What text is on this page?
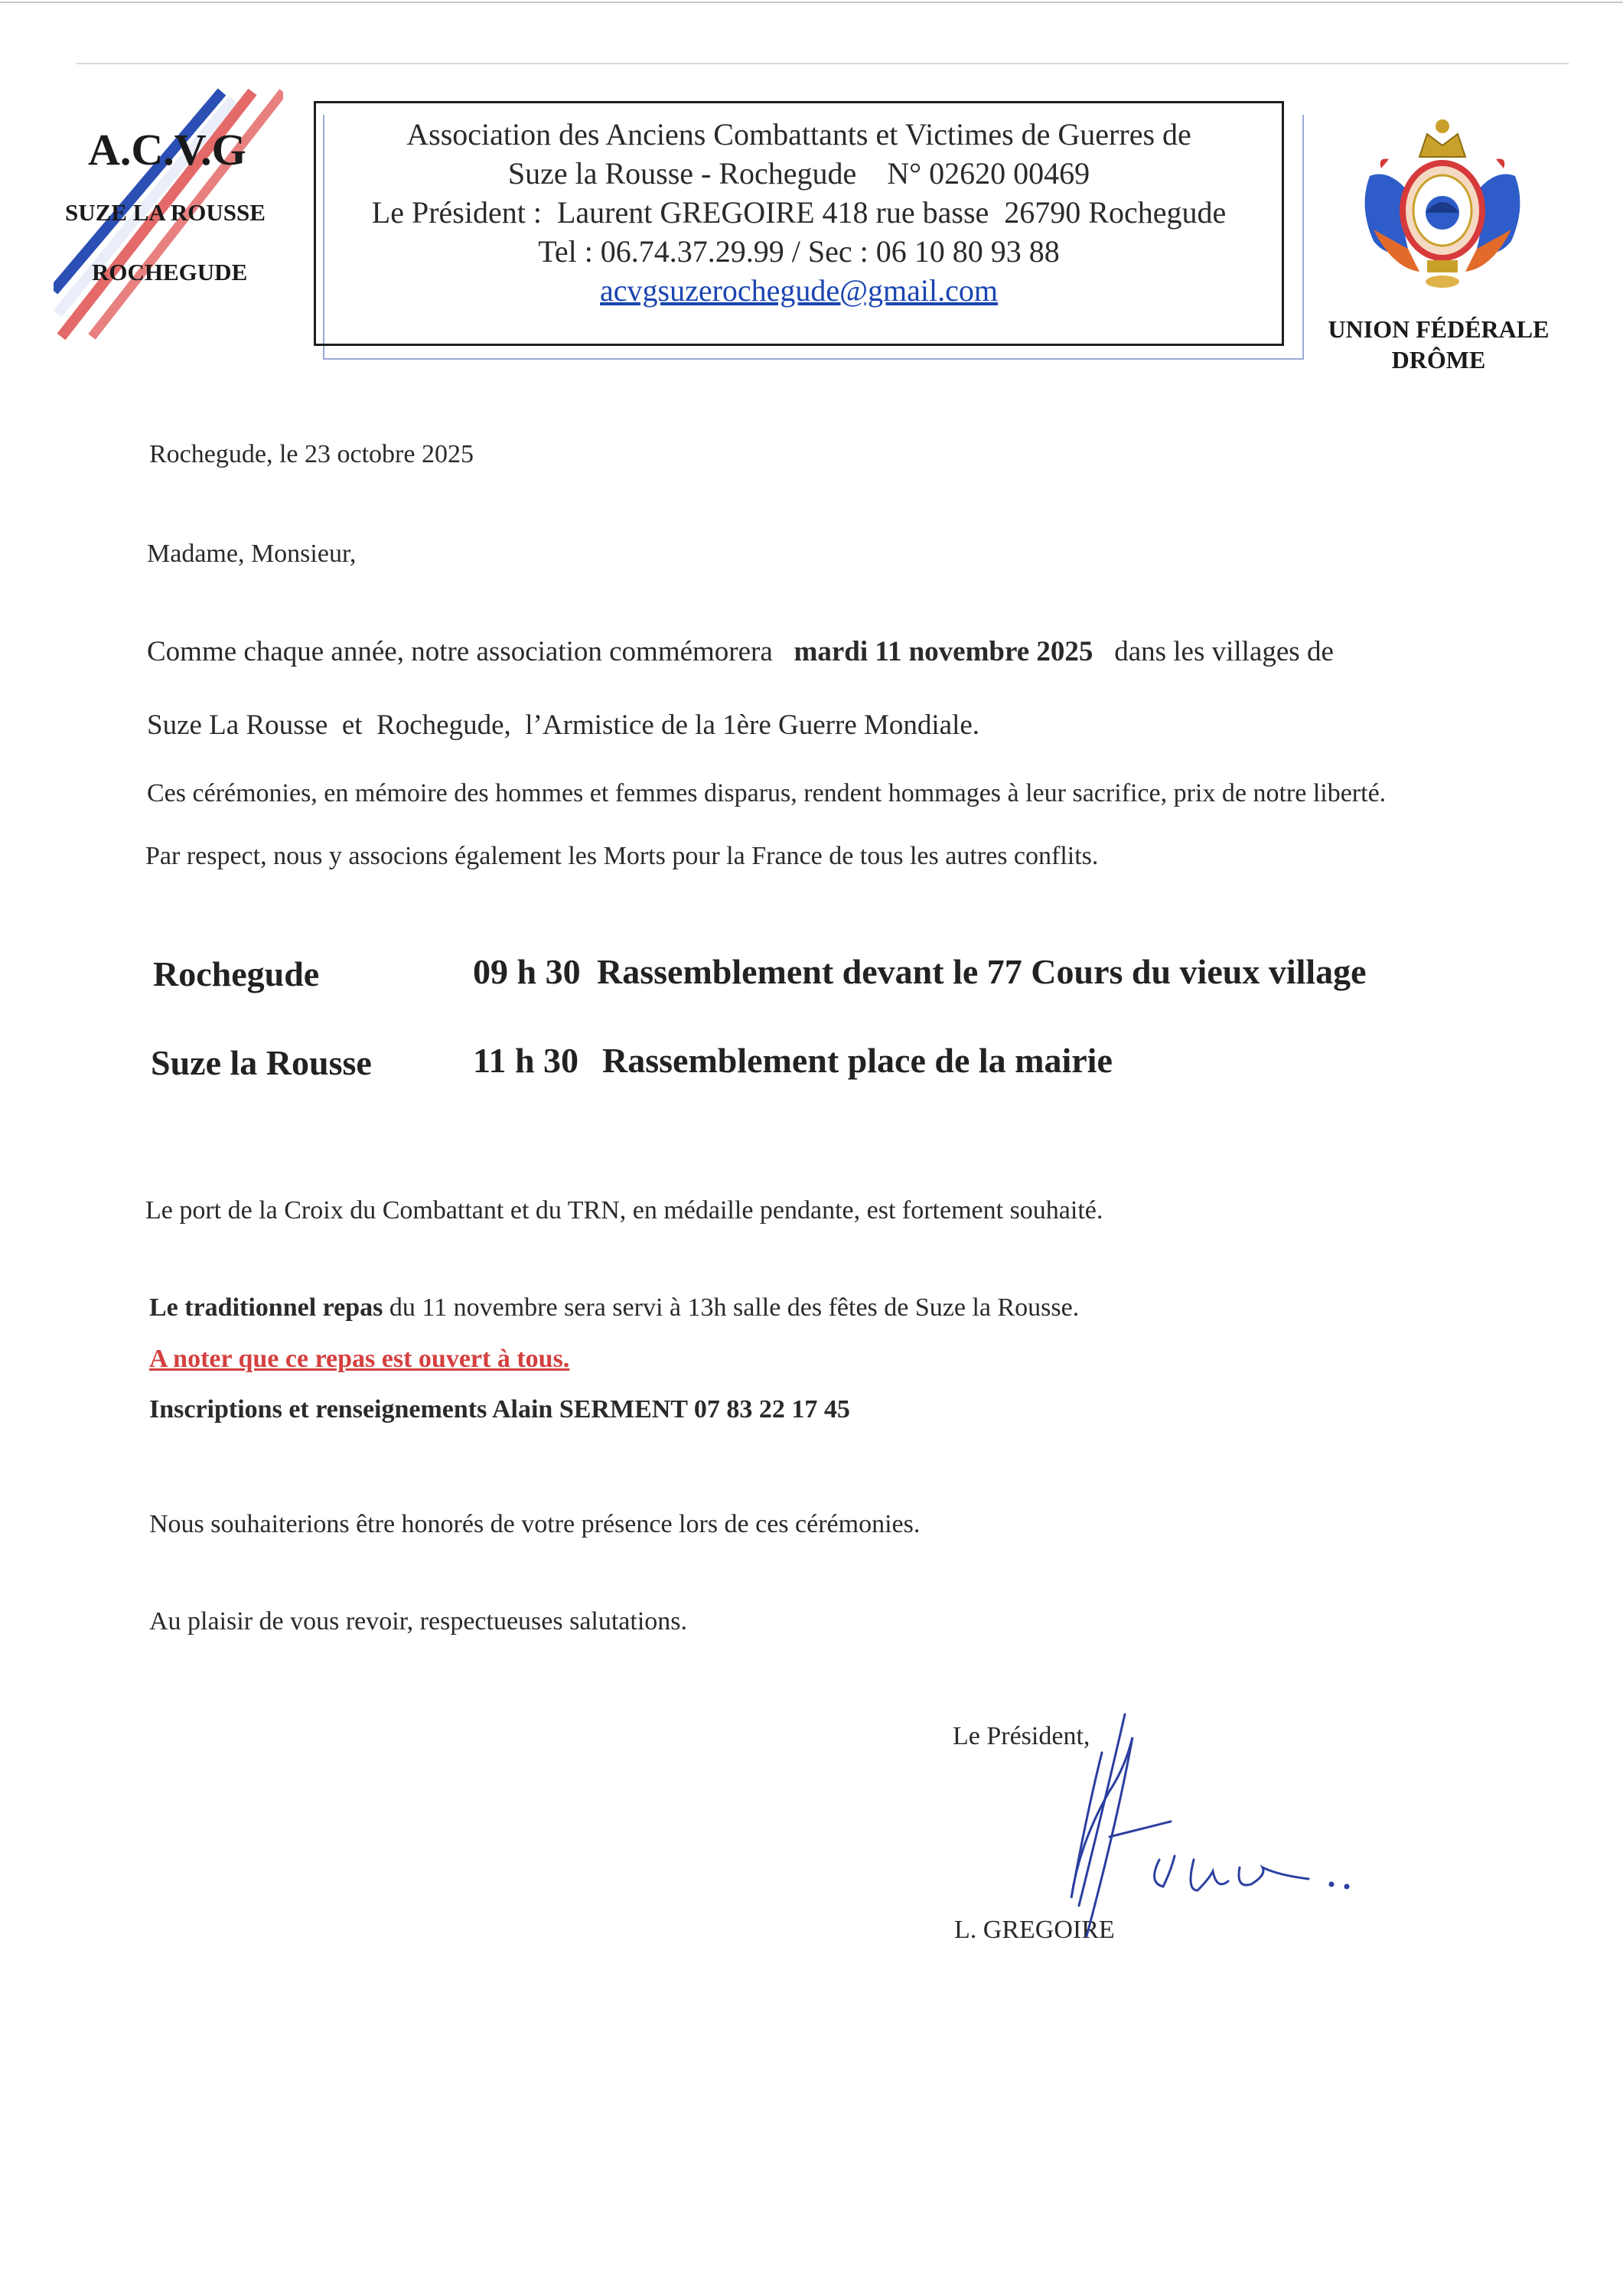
A.C.V.G
SUZE LA ROUSSE
ROCHEGUDE
Association des Anciens Combattants et Victimes de Guerres de
Suze la Rousse - Rochegude    N° 02620 00469
Le Président :  Laurent GREGOIRE 418 rue basse  26790 Rochegude
Tel : 06.74.37.29.99 / Sec : 06 10 80 93 88
acvgsuzerochegude@gmail.com
UNION FÉDÉRALE
DRÔME
Rochegude, le 23 octobre 2025
Madame, Monsieur,
Comme chaque année, notre association commémorera mardi 11 novembre 2025 dans les villages de
Suze La Rousse  et  Rochegude,  l’Armistice de la 1ère Guerre Mondiale.
Ces cérémonies, en mémoire des hommes et femmes disparus, rendent hommages à leur sacrifice, prix de notre liberté.
Par respect, nous y associons également les Morts pour la France de tous les autres conflits.
Rochegude	09 h 30 Rassemblement devant le 77 Cours du vieux village
Suze la Rousse	11 h 30 Rassemblement place de la mairie
Le port de la Croix du Combattant et du TRN, en médaille pendante, est fortement souhaité.
Le traditionnel repas du 11 novembre sera servi à 13h salle des fêtes de Suze la Rousse.
A noter que ce repas est ouvert à tous.
Inscriptions et renseignements Alain SERMENT 07 83 22 17 45
Nous souhaiterions être honorés de votre présence lors de ces cérémonies.
Au plaisir de vous revoir, respectueuses salutations.
Le Président,
L. GREGOIRE
